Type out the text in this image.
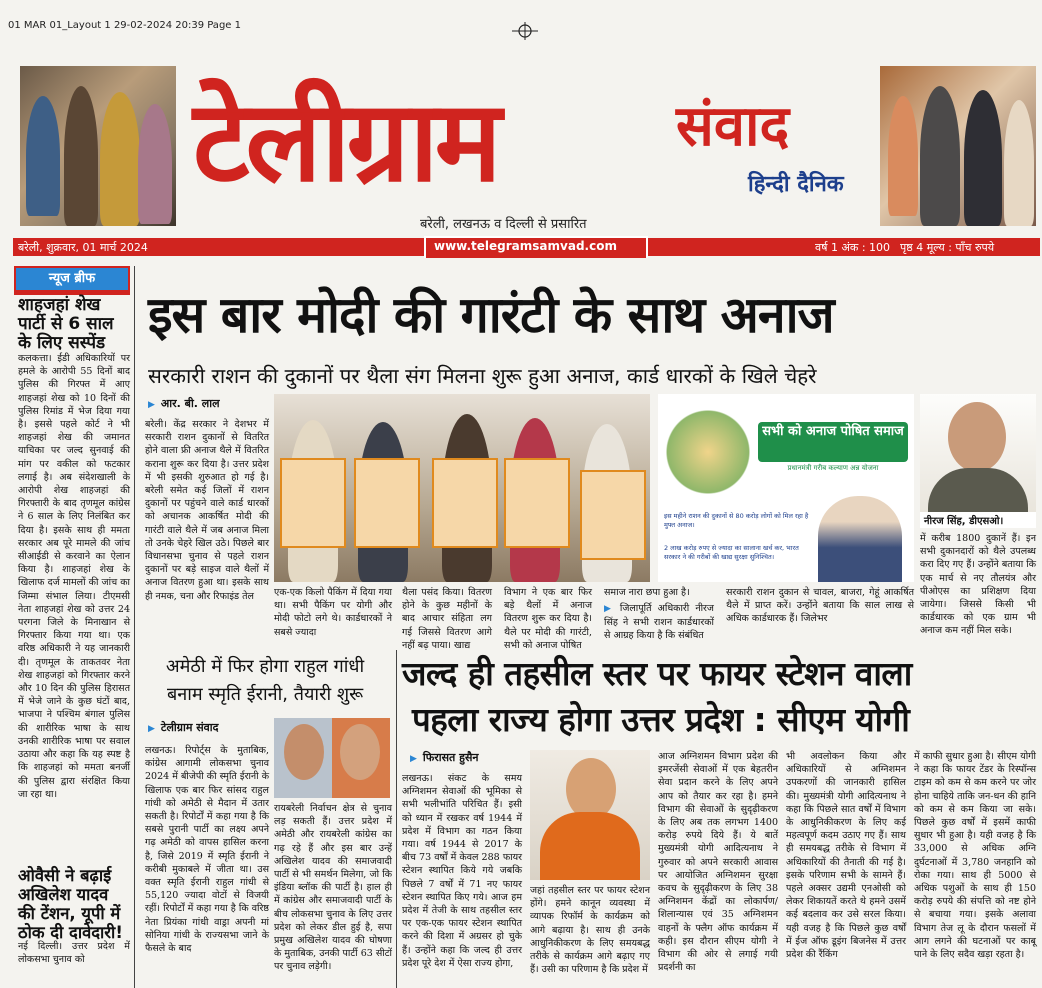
01 MAR 01_Layout 1 29-02-2024 20:39 Page 1
टेलीग्राम	संवाद
हिन्दी दैनिक
बरेली, लखनऊ व दिल्ली से प्रसारित
बरेली, शुक्रवार, 01 मार्च 2024	www.telegramsamvad.com	वर्ष 1 अंक : 100 पृष्ठ 4 मूल्य : पाँच रुपये
न्यूज ब्रीफ
शाहजहां शेख पार्टी से 6 साल के लिए सस्पेंड
कलकत्ता। ईडी अधिकारियों पर हमले के आरोपी 55 दिनों बाद पुलिस की गिरफ्त में आए शाहजहां शेख को 10 दिनों की पुलिस रिमांड में भेज दिया गया है। इससे पहले कोर्ट ने भी शाहजहां शेख की जमानत याचिका पर जल्द सुनवाई की मांग पर वकील को फटकार लगाई है। अब संदेशखाली के आरोपी शेख शाहजहां की गिरफ्तारी के बाद तृणमूल कांग्रेस ने 6 साल के लिए निलंबित कर दिया है। इसके साथ ही ममता सरकार अब पूरे मामले की जांच सीआईडी से करवाने का ऐलान किया है। शाहजहां शेख के खिलाफ दर्ज मामलों की जांच का जिम्मा संभाल लिया। टीएमसी नेता शाहजहां शेख को उत्तर 24 परगना जिले के मिनाखान से गिरफ्तार किया गया था। एक वरिष्ठ अधिकारी ने यह जानकारी दी। तृणमूल के ताकतवर नेता शेख शाहजहां को गिरफ्तार करने और 10 दिन की पुलिस हिरासत में भेजे जाने के कुछ घंटों बाद, भाजपा ने पश्चिम बंगाल पुलिस की शारीरिक भाषा के साथ उनकी शारीरिक भाषा पर सवाल उठाया और कहा कि यह स्पष्ट है कि शाहजहां को ममता बनर्जी की पुलिस द्वारा संरक्षित किया जा रहा था।
ओवैसी ने बढ़ाई अखिलेश यादव की टेंशन, यूपी में ठोक दी दावेदारी!
नई दिल्ली। उत्तर प्रदेश में लोकसभा चुनाव को
इस बार मोदी की गारंटी के साथ अनाज
सरकारी राशन की दुकानों पर थैला संग मिलना शुरू हुआ अनाज, कार्ड धारकों के खिले चेहरे
▶ आर. बी. लाल
बरेली। केंद्र सरकार ने देशभर में सरकारी राशन दुकानों से वितरित होने वाला फ्री अनाज थैले में वितरित कराना शुरू कर दिया है। उत्तर प्रदेश में भी इसकी शुरुआत हो गई है। बरेली समेत कई जिलों में राशन दुकानों पर पहुंचने वाले कार्ड धारकों को अचानक आकर्षित मोदी की गारंटी वाले थैले में जब अनाज मिला तो उनके चेहरे खिल उठे। पिछले बार विधानसभा चुनाव से पहले राशन दुकानों पर बड़े साइज वाले थैलों में अनाज वितरण हुआ था। इसके साथ ही नमक, चना और रिफाइंड तेल
सभी को अनाज पोषित समाज
प्रधानमंत्री गरीब कल्याण अन्न योजना
इस महीने राशन की दुकानों से 80 करोड़ लोगों को मिल रहा है मुफ्त अनाज।
2 लाख करोड़ रुपए से ज्यादा का सालाना खर्च कर, भारत सरकार ने की गरीबों की खाद्य सुरक्षा सुनिश्चित।
नीरज सिंह, डीएसओ।
एक-एक किलो पैकिंग में दिया गया था। सभी पैकिंग पर योगी और मोदी फोटो लगे थे। कार्डधारकों ने सबसे ज्यादा
थैला पसंद किया। वितरण होने के कुछ महीनों के बाद आचार संहिता लग गई जिससे वितरण आगे नहीं बढ़ पाया। खाद्य
विभाग ने एक बार फिर बड़े थैलों में अनाज वितरण शुरू कर दिया है। थैले पर मोदी की गारंटी, सभी को अनाज पोषित
समाज नारा छपा हुआ है।
▶ जिलापूर्ति अधिकारी नीरज सिंह ने सभी राशन कार्डधारकों से आग्रह किया है कि संबंधित
सरकारी राशन दुकान से चावल, बाजरा, गेहूं आकर्षित थैले में प्राप्त करें। उन्होंने बताया कि साल लाख से अधिक कार्डधारक हैं। जिलेभर
में करीब 1800 दुकानें हैं। इन सभी दुकानदारों को थैले उपलब्ध करा दिए गए हैं। उन्होंने बताया कि एक मार्च से नए तौलयंत्र और पीओएस का प्रशिक्षण दिया जायेगा। जिससे किसी भी कार्डधारक को एक ग्राम भी अनाज कम नहीं मिल सके।
अमेठी में फिर होगा राहुल गांधी
बनाम स्मृति ईरानी, तैयारी शुरू
▶ टेलीग्राम संवाद
लखनऊ। रिपोर्ट्स के मुताबिक, कांग्रेस आगामी लोकसभा चुनाव 2024 में बीजेपी की स्मृति ईरानी के खिलाफ एक बार फिर सांसद राहुल गांधी को अमेठी से मैदान में उतार सकती है। रिपोर्टों में कहा गया है कि सबसे पुरानी पार्टी का लक्ष्य अपने गढ़ अमेठी को वापस हासिल करना है, जिसे 2019 में स्मृति ईरानी ने करीबी मुकाबले में जीता था। उस वक्त स्मृति ईरानी राहुल गांधी से 55,120 ज्यादा वोटों से विजयी रहीं। रिपोर्टों में कहा गया है कि वरिष्ठ नेता प्रियंका गांधी वाड्रा अपनी मां सोनिया गांधी के राज्यसभा जाने के फैसले के बाद
रायबरेली निर्वाचन क्षेत्र से चुनाव लड़ सकती हैं। उत्तर प्रदेश में अमेठी और रायबरेली कांग्रेस का गढ़ रहे हैं और इस बार उन्हें अखिलेश यादव की समाजवादी पार्टी से भी समर्थन मिलेगा, जो कि इंडिया ब्लॉक की पार्टी है। हाल ही में कांग्रेस और समाजवादी पार्टी के बीच लोकसभा चुनाव के लिए उत्तर प्रदेश को लेकर डील हुई है, सपा प्रमुख अखिलेश यादव की घोषणा के मुताबिक, उनकी पार्टी 63 सीटों पर चुनाव लड़ेगी।
जल्द ही तहसील स्तर पर फायर स्टेशन वाला
पहला राज्य होगा उत्तर प्रदेश : सीएम योगी
▶ फिरासत हुसैन
लखनऊ। संकट के समय अग्निशमन सेवाओं की भूमिका से सभी भलीभांति परिचित हैं। इसी को ध्यान में रखकर वर्ष 1944 में प्रदेश में विभाग का गठन किया गया। वर्ष 1944 से 2017 के बीच 73 वर्षों में केवल 288 फायर स्टेशन स्थापित किये गये जबकि पिछले 7 वर्षों में 71 नए फायर स्टेशन स्थापित किए गये। आज हम प्रदेश में तेजी के साथ तहसील स्तर पर एक-एक फायर स्टेशन स्थापित करने की दिशा में अग्रसर हो चुके हैं। उन्होंने कहा कि जल्द ही उत्तर प्रदेश पूरे देश में ऐसा राज्य होगा,
जहां तहसील स्तर पर फायर स्टेशन होंगे। हमने कानून व्यवस्था में व्यापक रिफॉर्म के कार्यक्रम को आगे बढ़ाया है। साथ ही उनके आधुनिकीकरण के लिए समयबद्ध तरीके से कार्यक्रम आगे बढ़ाए गए हैं। उसी का परिणाम है कि प्रदेश में
आज अग्निशमन विभाग प्रदेश की इमरजेंसी सेवाओं में एक बेहतरीन सेवा प्रदान करने के लिए अपने आप को तैयार कर रहा है। हमने विभाग की सेवाओं के सुदृढ़ीकरण के लिए अब तक लगभग 1400 करोड़ रुपये दिये हैं। ये बातें मुख्यमंत्री योगी आदित्यनाथ ने गुरुवार को अपने सरकारी आवास पर आयोजित अग्निशमन सुरक्षा कवच के सुदृढ़ीकरण के लिए 38 अग्निशमन केंद्रों का लोकार्पण/शिलान्यास एवं 35 अग्निशमन वाहनों के फ्लैग ऑफ कार्यक्रम में कही। इस दौरान सीएम योगी ने विभाग की ओर से लगाई गयी प्रदर्शनी का
भी अवलोकन किया और अधिकारियों से अग्निशमन उपकरणों की जानकारी हासिल की। मुख्यमंत्री योगी आदित्यनाथ ने कहा कि पिछले सात वर्षों में विभाग के आधुनिकीकरण के लिए कई महत्वपूर्ण कदम उठाए गए हैं। साथ ही समयबद्ध तरीके से विभाग में अधिकारियों की तैनाती की गई है। इसके परिणाम सभी के सामने हैं। पहले अक्सर उद्यमी एनओसी को लेकर शिकायतें करते थे हमने उसमें कई बदलाव कर उसे सरल किया। यही वजह है कि पिछले कुछ वर्षों में ईज ऑफ डूइंग बिजनेस में उत्तर प्रदेश की रैंकिंग
में काफी सुधार हुआ है। सीएम योगी ने कहा कि फायर टेंडर के रिस्पॉन्स टाइम को कम से कम करने पर जोर होना चाहिये ताकि जन-धन की हानि को कम से कम किया जा सके। पिछले कुछ वर्षों में इसमें काफी सुधार भी हुआ है। यही वजह है कि 33,000 से अधिक अग्नि दुर्घटनाओं में 3,780 जनहानि को रोका गया। साथ ही 5000 से अधिक पशुओं के साथ ही 150 करोड़ रुपये की संपत्ति को नष्ट होने से बचाया गया। इसके अलावा विभाग तेज लू के दौरान फसलों में आग लगने की घटनाओं पर काबू पाने के लिए सदैव खड़ा रहता है।
